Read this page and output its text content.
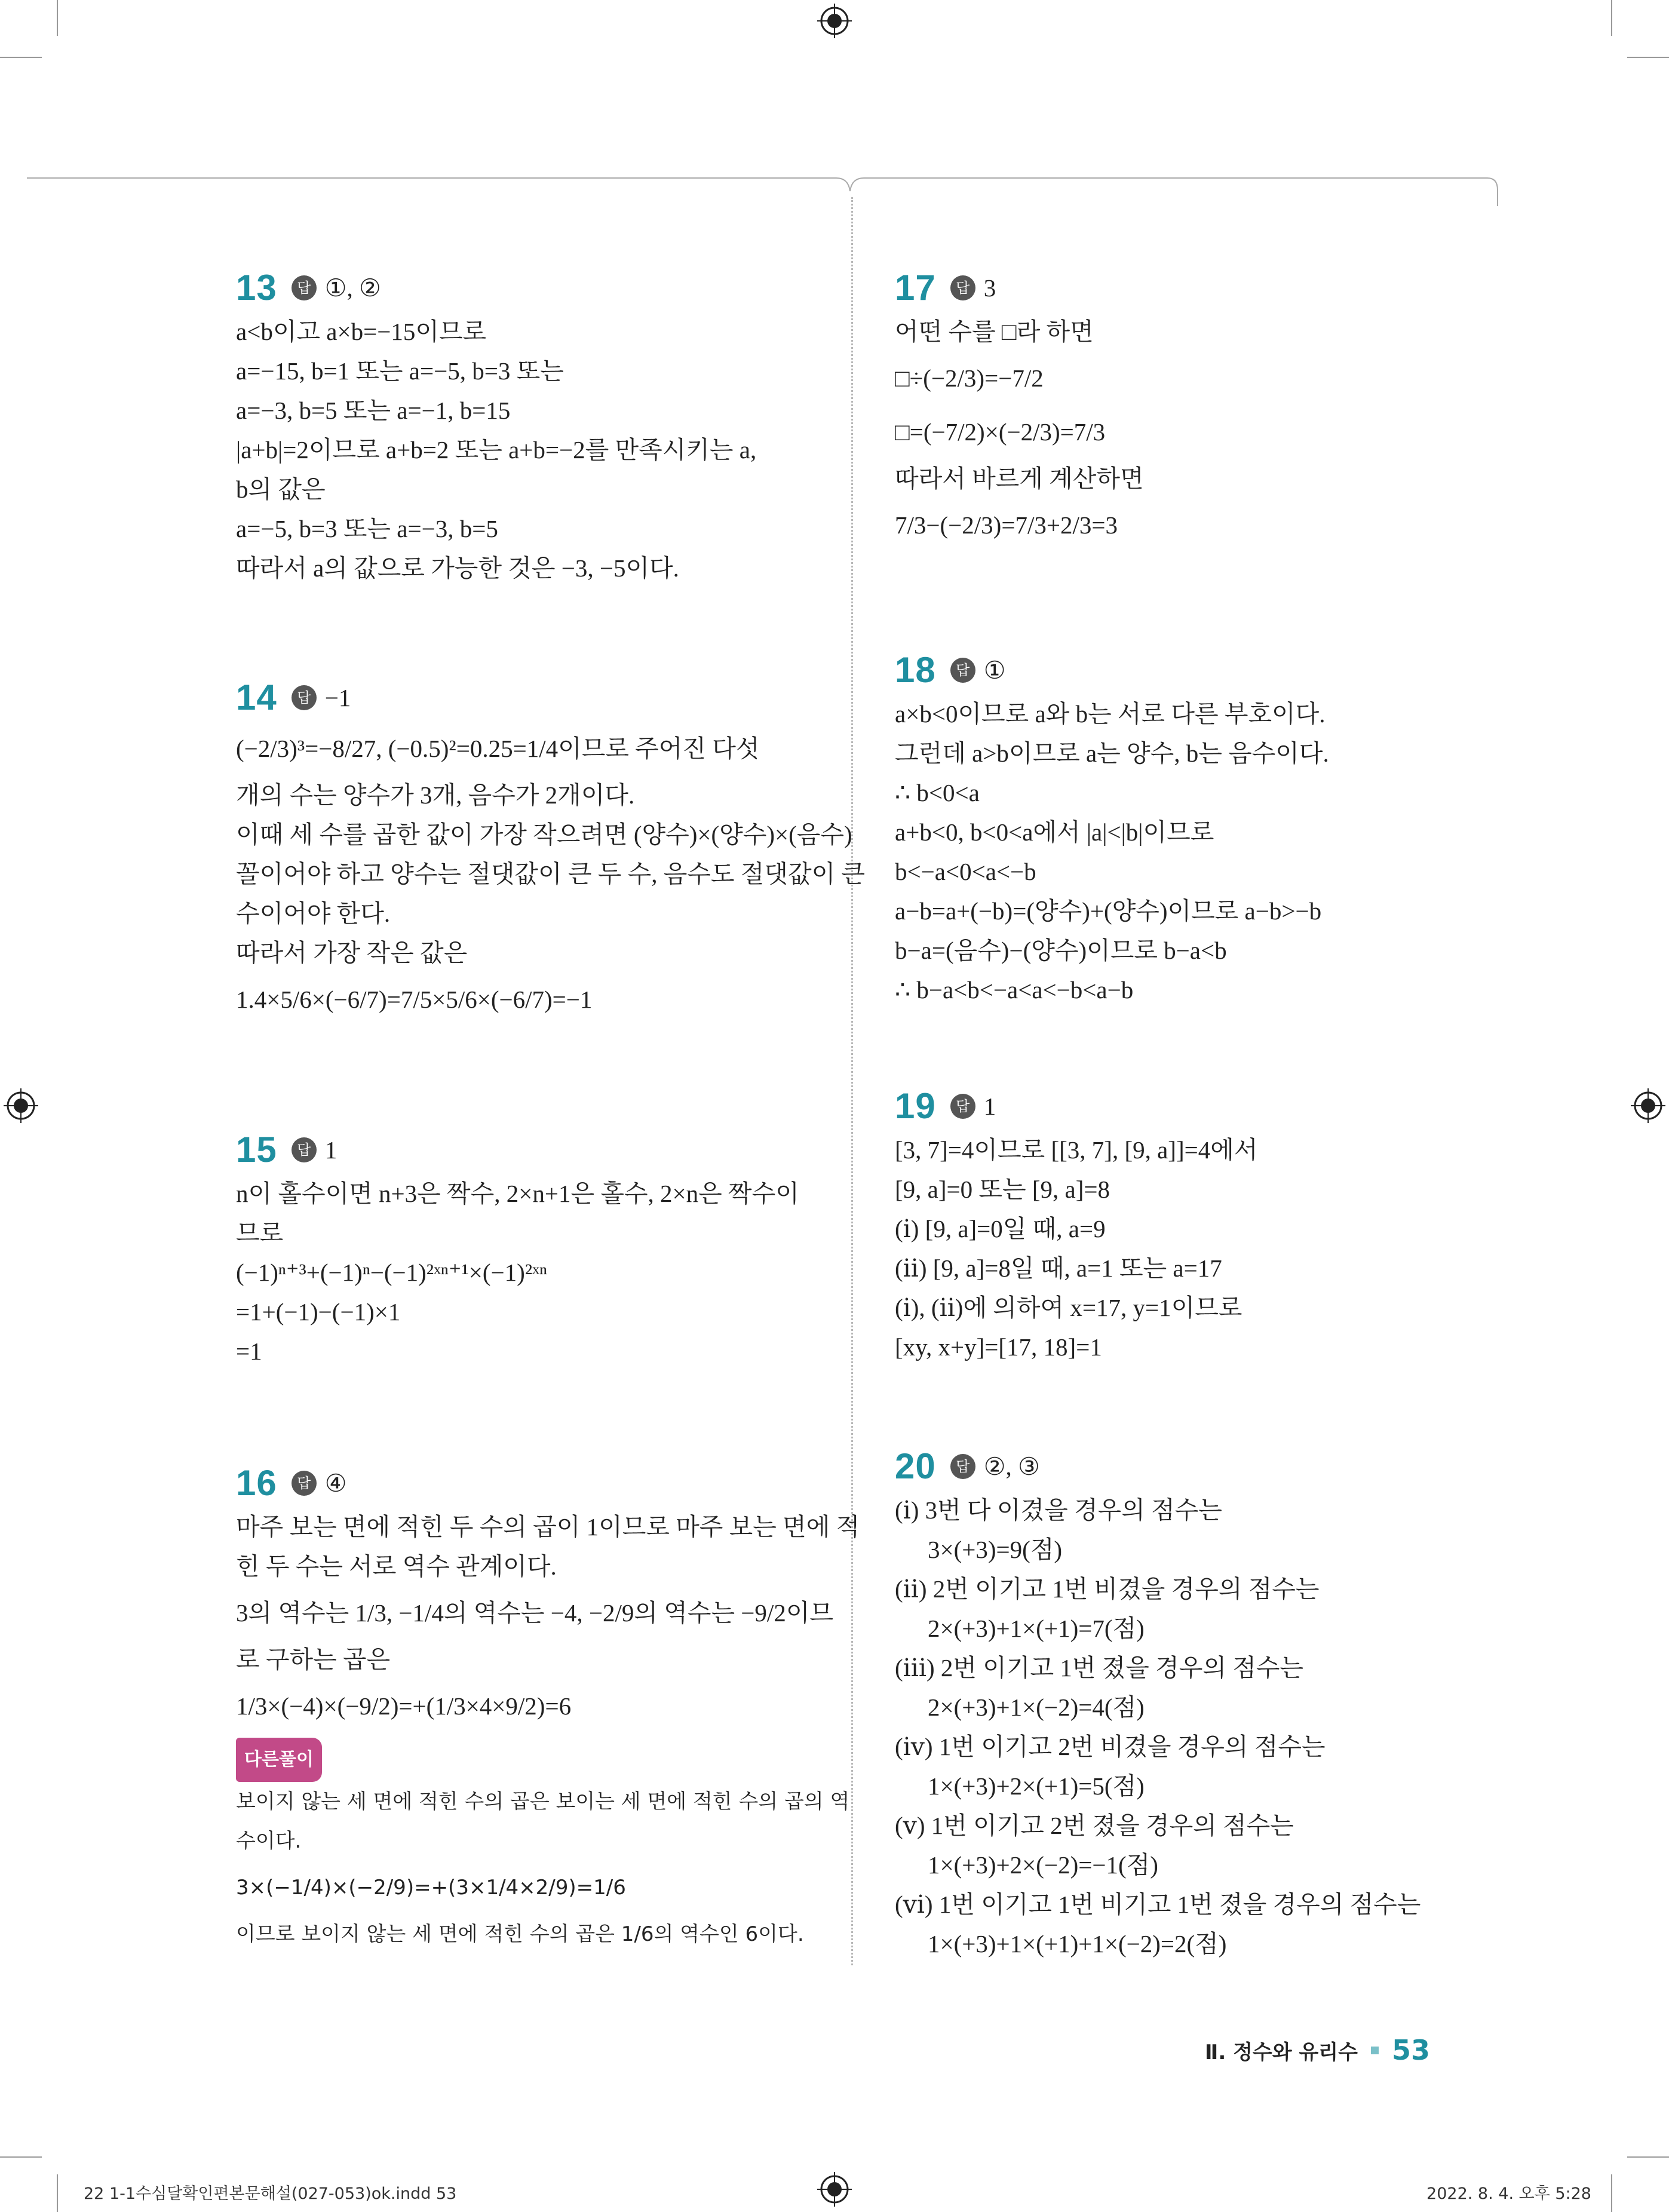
13	답 ①, ②
a<b이고 a×b=−15이므로
a=−15, b=1 또는 a=−5, b=3 또는
a=−3, b=5 또는 a=−1, b=15
|a+b|=2이므로 a+b=2 또는 a+b=−2를 만족시키는 a,
b의 값은
a=−5, b=3 또는 a=−3, b=5
따라서 a의 값으로 가능한 것은 −3, −5이다.
14	답 −1
(−2/3)³=−8/27, (−0.5)²=0.25=1/4이므로 주어진 다섯
개의 수는 양수가 3개, 음수가 2개이다.
이때 세 수를 곱한 값이 가장 작으려면 (양수)×(양수)×(음수)
꼴이어야 하고 양수는 절댓값이 큰 두 수, 음수도 절댓값이 큰
수이어야 한다.
따라서 가장 작은 값은
1.4×5/6×(−6/7)=7/5×5/6×(−6/7)=−1
15	답 1
n이 홀수이면 n+3은 짝수, 2×n+1은 홀수, 2×n은 짝수이
므로
(−1)ⁿ⁺³+(−1)ⁿ−(−1)²ˣⁿ⁺¹×(−1)²ˣⁿ
=1+(−1)−(−1)×1
=1
16	답 ④
마주 보는 면에 적힌 두 수의 곱이 1이므로 마주 보는 면에 적
힌 두 수는 서로 역수 관계이다.
3의 역수는 1/3, −1/4의 역수는 −4, −2/9의 역수는 −9/2이므
로 구하는 곱은
1/3×(−4)×(−9/2)=+(1/3×4×9/2)=6
다른풀이
보이지 않는 세 면에 적힌 수의 곱은 보이는 세 면에 적힌 수의 곱의 역
수이다.
3×(−1/4)×(−2/9)=+(3×1/4×2/9)=1/6
이므로 보이지 않는 세 면에 적힌 수의 곱은 1/6의 역수인 6이다.
17	답 3
어떤 수를 □라 하면
□÷(−2/3)=−7/2
□=(−7/2)×(−2/3)=7/3
따라서 바르게 계산하면
7/3−(−2/3)=7/3+2/3=3
18	답 ①
a×b<0이므로 a와 b는 서로 다른 부호이다.
그런데 a>b이므로 a는 양수, b는 음수이다.
∴ b<0<a
a+b<0, b<0<a에서 |a|<|b|이므로
b<−a<0<a<−b
a−b=a+(−b)=(양수)+(양수)이므로 a−b>−b
b−a=(음수)−(양수)이므로 b−a<b
∴ b−a<b<−a<a<−b<a−b
19	답 1
[3, 7]=4이므로 [[3, 7], [9, a]]=4에서
[9, a]=0 또는 [9, a]=8
(ⅰ) [9, a]=0일 때, a=9
(ⅱ) [9, a]=8일 때, a=1 또는 a=17
(ⅰ), (ⅱ)에 의하여 x=17, y=1이므로
[xy, x+y]=[17, 18]=1
20	답 ②, ③
(ⅰ) 3번 다 이겼을 경우의 점수는
3×(+3)=9(점)
(ⅱ) 2번 이기고 1번 비겼을 경우의 점수는
2×(+3)+1×(+1)=7(점)
(ⅲ) 2번 이기고 1번 졌을 경우의 점수는
2×(+3)+1×(−2)=4(점)
(ⅳ) 1번 이기고 2번 비겼을 경우의 점수는
1×(+3)+2×(+1)=5(점)
(ⅴ) 1번 이기고 2번 졌을 경우의 점수는
1×(+3)+2×(−2)=−1(점)
(ⅵ) 1번 이기고 1번 비기고 1번 졌을 경우의 점수는
1×(+3)+1×(+1)+1×(−2)=2(점)
Ⅱ. 정수와 유리수 53
22 1-1수심달확인편본문해설(027-053)ok.indd 53	2022. 8. 4. 오후 5:28
